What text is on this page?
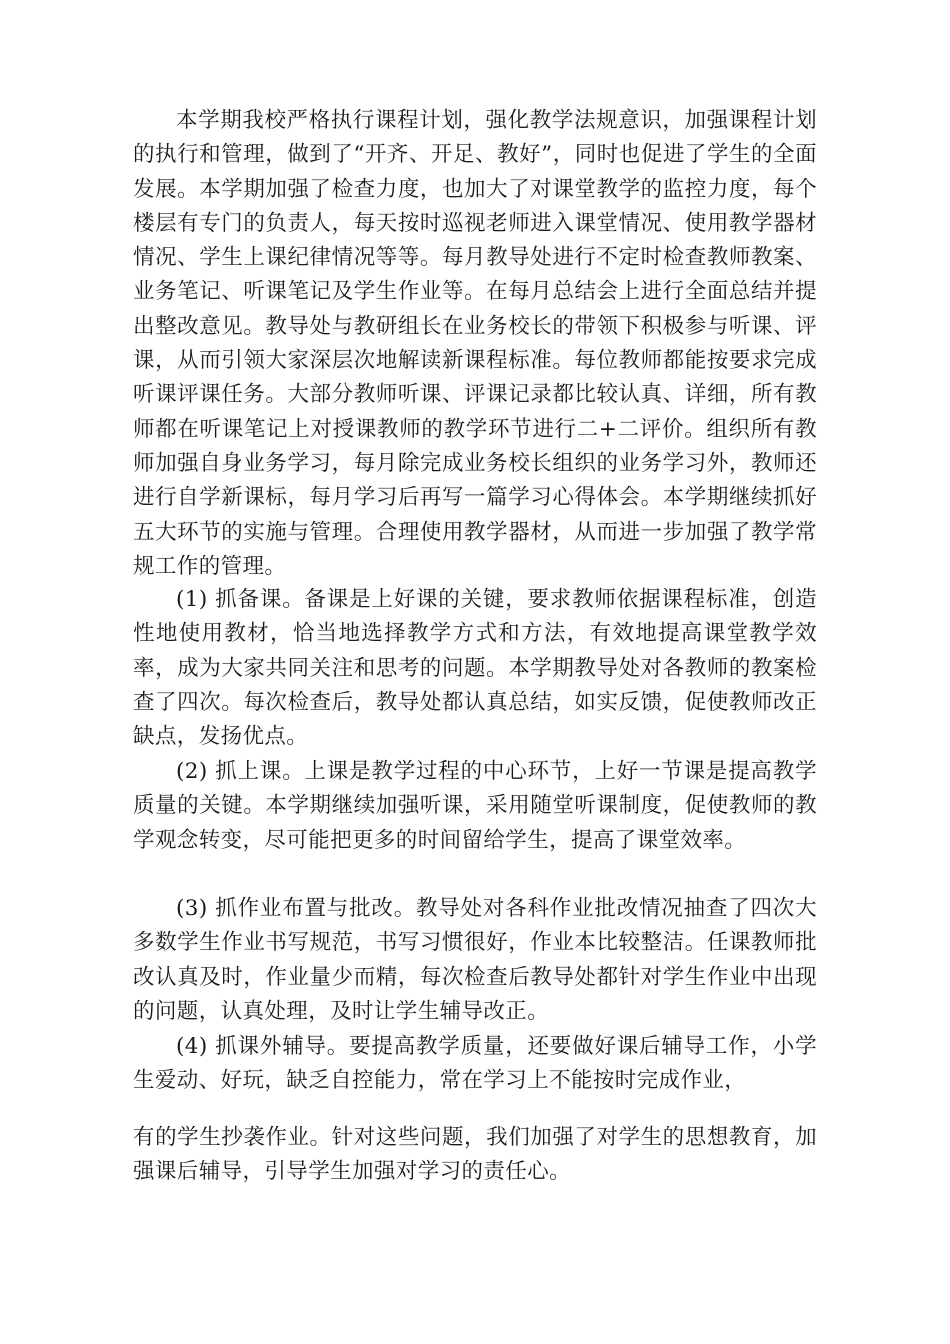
本学期我校严格执行课程计划，强化教学法规意识，加强课程计划的执行和管理，做到了“开齐、开足、教好”，同时也促进了学生的全面发展。本学期加强了检查力度，也加大了对课堂教学的监控力度，每个楼层有专门的负责人，每天按时巡视老师进入课堂情况、使用教学器材情况、学生上课纪律情况等等。每月教导处进行不定时检查教师教案、业务笔记、听课笔记及学生作业等。在每月总结会上进行全面总结并提出整改意见。教导处与教研组长在业务校长的带领下积极参与听课、评课，从而引领大家深层次地解读新课程标准。每位教师都能按要求完成听课评课任务。大部分教师听课、评课记录都比较认真、详细，所有教师都在听课笔记上对授课教师的教学环节进行二+二评价。组织所有教师加强自身业务学习，每月除完成业务校长组织的业务学习外，教师还进行自学新课标，每月学习后再写一篇学习心得体会。本学期继续抓好五大环节的实施与管理。合理使用教学器材，从而进一步加强了教学常规工作的管理。

(1) 抓备课。备课是上好课的关键，要求教师依据课程标准，创造性地使用教材，恰当地选择教学方式和方法，有效地提高课堂教学效率，成为大家共同关注和思考的问题。本学期教导处对各教师的教案检查了四次。每次检查后，教导处都认真总结，如实反馈，促使教师改正缺点，发扬优点。

(2) 抓上课。上课是教学过程的中心环节，上好一节课是提高教学质量的关键。本学期继续加强听课，采用随堂听课制度，促使教师的教学观念转变，尽可能把更多的时间留给学生，提高了课堂效率。

(3) 抓作业布置与批改。教导处对各科作业批改情况抽查了四次大多数学生作业书写规范，书写习惯很好，作业本比较整洁。任课教师批改认真及时，作业量少而精，每次检查后教导处都针对学生作业中出现的问题，认真处理，及时让学生辅导改正。

(4) 抓课外辅导。要提高教学质量，还要做好课后辅导工作，小学生爱动、好玩，缺乏自控能力，常在学习上不能按时完成作业，

有的学生抄袭作业。针对这些问题，我们加强了对学生的思想教育，加强课后辅导，引导学生加强对学习的责任心。
